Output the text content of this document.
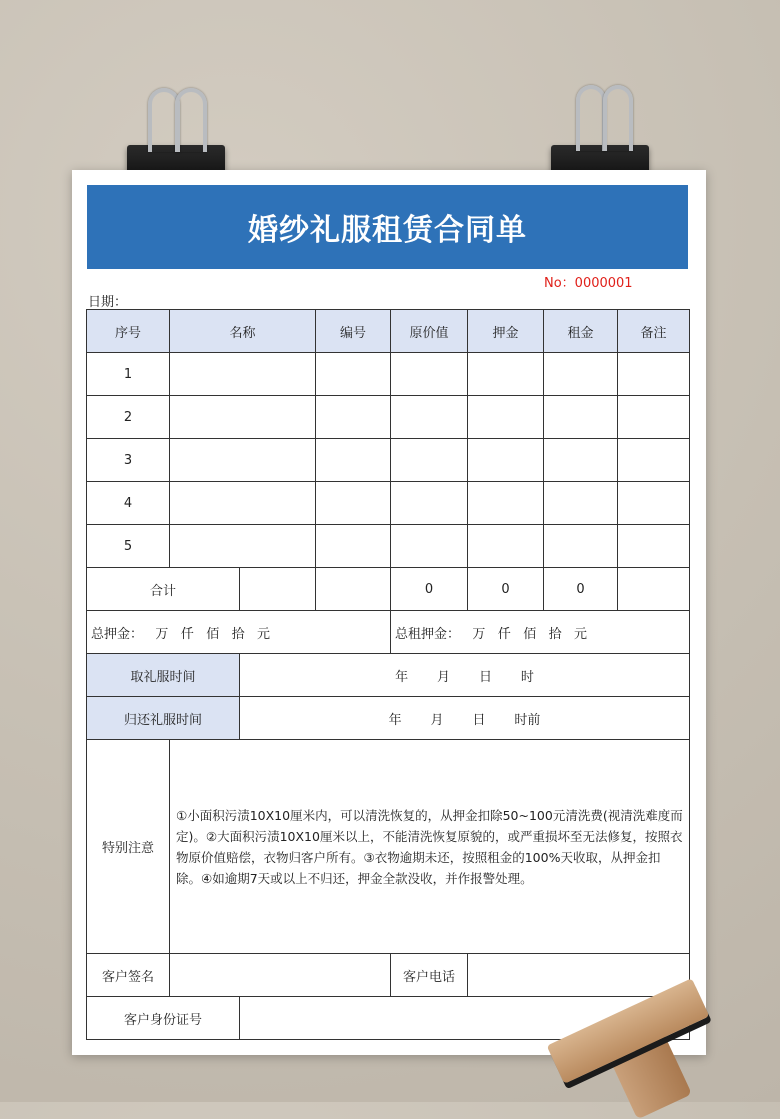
婚纱礼服租赁合同单
No：0000001
日期：
序号	名称		编号	原价值	押金	租金	备注
1							
2							
3							
4							
5							
合计				0	0	0	
总押金：   万   仟   佰   拾   元				总租押金：   万   仟   佰   拾   元			
取礼服时间		年       月       日       时					
归还礼服时间		年       月       日       时前					
特别注意	①小面积污渍10X10厘米内，可以清洗恢复的，从押金扣除50~100元清洗费(视清洗难度而定)。②大面积污渍10X10厘米以上，不能清洗恢复原貌的，或严重损坏至无法修复，按照衣物原价值赔偿，衣物归客户所有。③衣物逾期未还，按照租金的100%天收取，从押金扣除。④如逾期7天或以上不归还，押金全款没收，并作报警处理。						
客户签名				客户电话			
客户身份证号							
